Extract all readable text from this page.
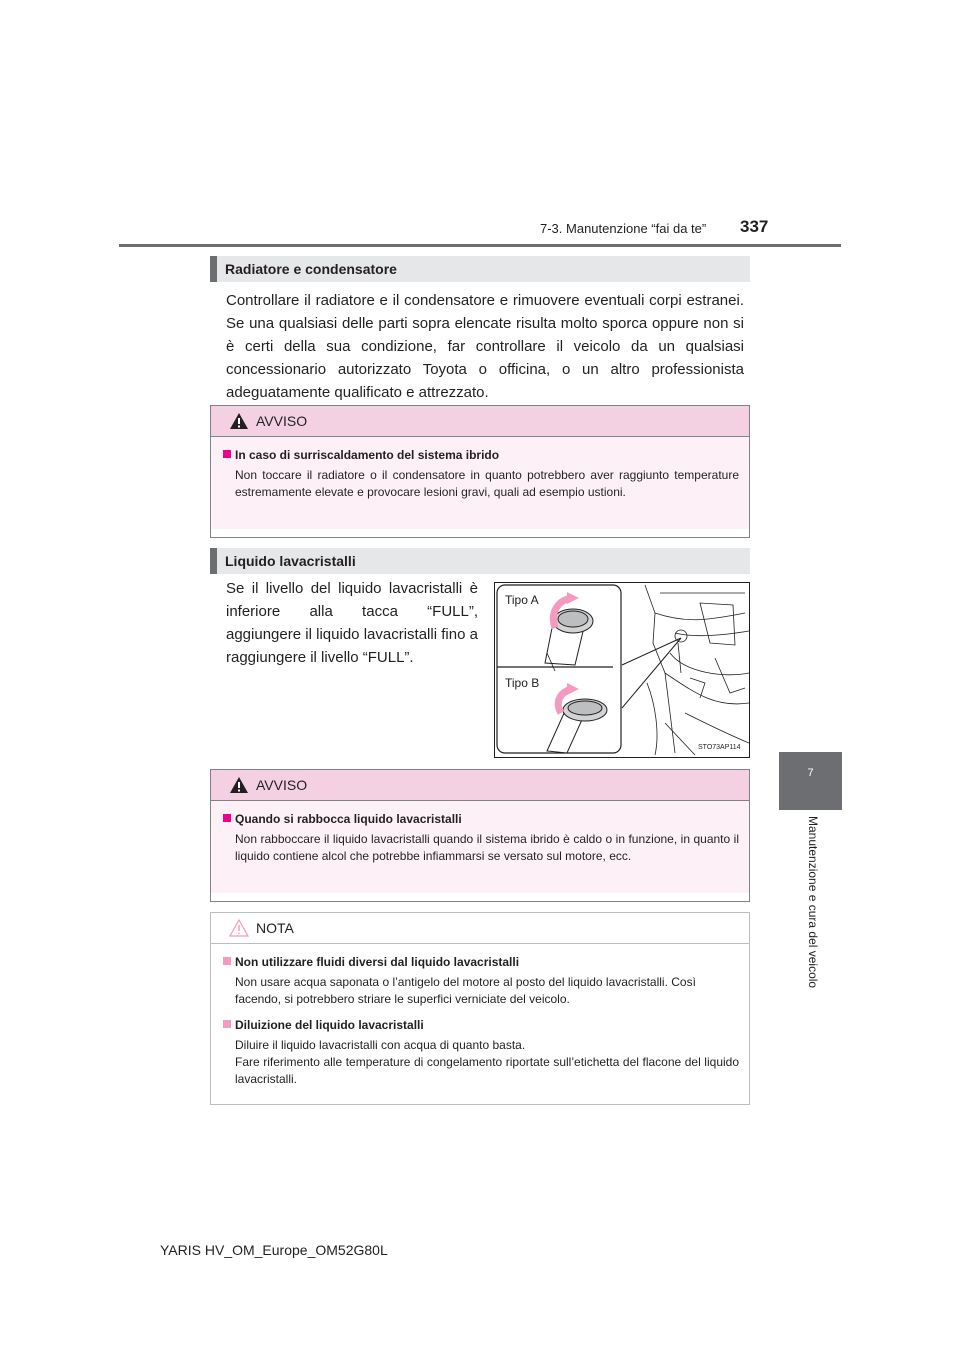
7-3. Manutenzione “fai da te” 337
7
Manutenzione e cura del veicolo
Radiatore e condensatore
Controllare il radiatore e il condensatore e rimuovere eventuali corpi estranei. Se una qualsiasi delle parti sopra elencate risulta molto sporca oppure non si è certi della sua condizione, far controllare il veicolo da un qualsiasi concessionario autorizzato Toyota o officina, o un altro professionista adeguatamente qualificato e attrezzato.
AVVISO
In caso di surriscaldamento del sistema ibrido
Non toccare il radiatore o il condensatore in quanto potrebbero aver raggiunto temperature estremamente elevate e provocare lesioni gravi, quali ad esempio ustioni.
Liquido lavacristalli
Se il livello del liquido lavacristalli è inferiore alla tacca “FULL”, aggiungere il liquido lavacristalli fino a raggiungere il livello “FULL”.
Tipo A
Tipo B
STO73AP114
AVVISO
Quando si rabbocca liquido lavacristalli
Non rabboccare il liquido lavacristalli quando il sistema ibrido è caldo o in funzione, in quanto il liquido contiene alcol che potrebbe infiammarsi se versato sul motore, ecc.
NOTA
Non utilizzare fluidi diversi dal liquido lavacristalli
Non usare acqua saponata o l’antigelo del motore al posto del liquido lavacristalli. Così facendo, si potrebbero striare le superfici verniciate del veicolo.
Diluizione del liquido lavacristalli
Diluire il liquido lavacristalli con acqua di quanto basta.
Fare riferimento alle temperature di congelamento riportate sull’etichetta del flacone del liquido lavacristalli.
YARIS HV_OM_Europe_OM52G80L
